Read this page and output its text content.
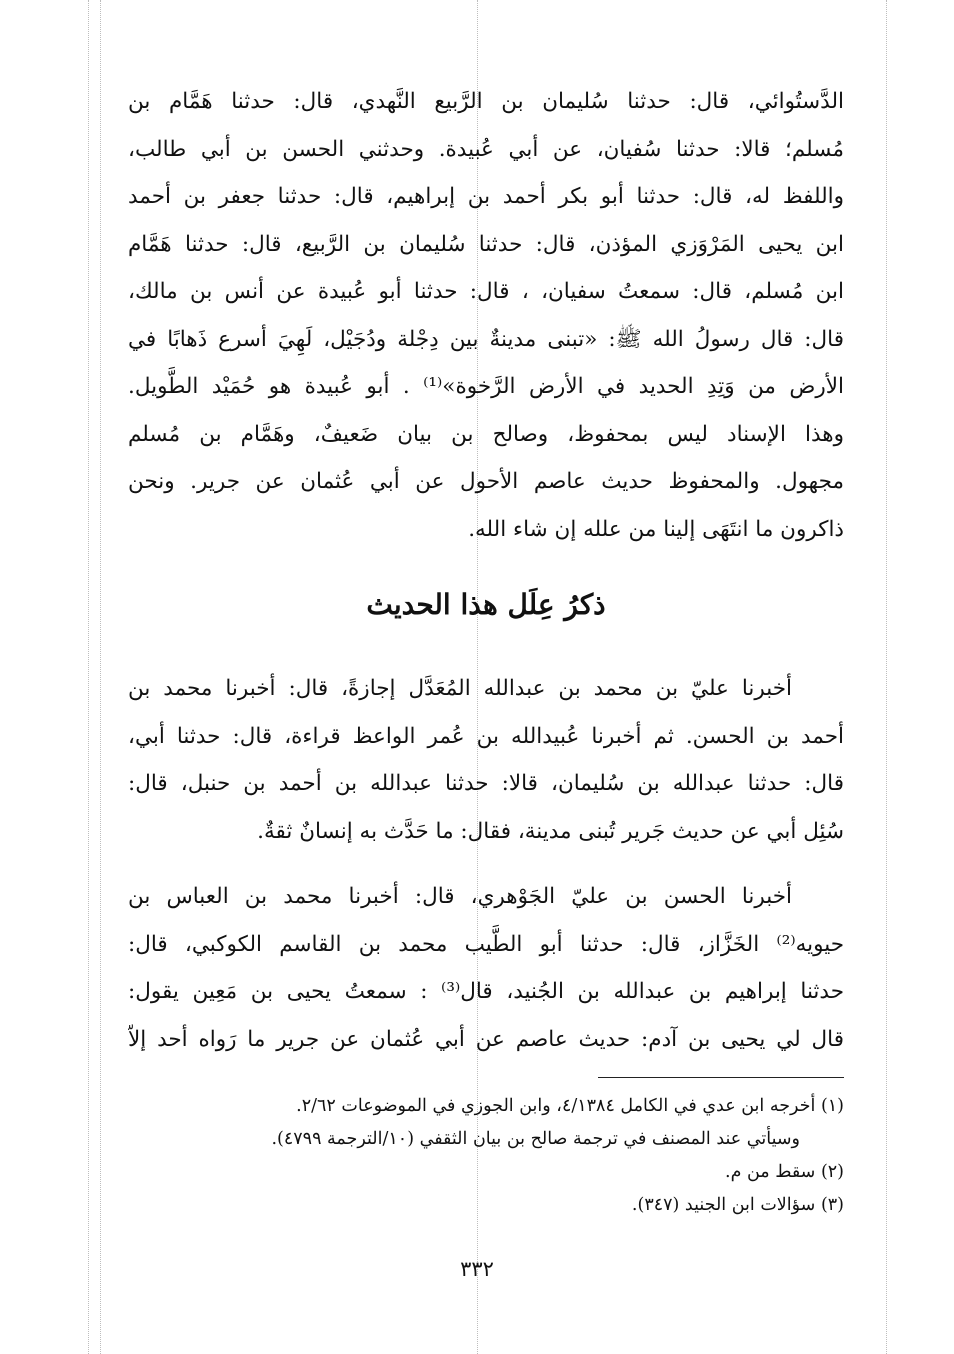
الدَّستُوائي، قال: حدثنا سُليمان بن الرَّبيع النَّهدي، قال: حدثنا هَمَّام بن
مُسلم؛ قالا: حدثنا سُفيان، عن أبي عُبيدة. وحدثني الحسن بن أبي طالب،
واللفظ له، قال: حدثنا أبو بكر أحمد بن إبراهيم، قال: حدثنا جعفر بن أحمد
ابن يحيى المَرْوَزي المؤذن، قال: حدثنا سُليمان بن الرَّبيع، قال: حدثنا هَمَّام
ابن مُسلم، قال: سمعتُ سفيان، ، قال: حدثنا أبو عُبيدة عن أنس بن مالك،
قال: قال رسولُ الله ﷺ: «تبنى مدينةٌ بين دِجْلة ودُجَيْل، لَهِيَ أسرع ذَهابًا في
الأرض من وَتِدِ الحديد في الأرض الرَّخوة»⁽¹⁾ . أبو عُبيدة هو حُمَيْد الطَّويل.
وهذا الإسناد ليس بمحفوظ، وصالح بن بيان ضَعيفٌ، وهَمَّام بن مُسلم
مجهول. والمحفوظ حديث عاصم الأحول عن أبي عُثمان عن جرير. ونحن
ذاكرون ما انتَهَى إلينا من علله إن شاء الله.
ذكرُ عِلَل هذا الحديث
أخبرنا عليّ بن محمد بن عبدالله المُعَدَّل إجازةً، قال: أخبرنا محمد بن
أحمد بن الحسن. ثم أخبرنا عُبيدالله بن عُمر الواعظ قراءة، قال: حدثنا أبي،
قال: حدثنا عبدالله بن سُليمان، قالا: حدثنا عبدالله بن أحمد بن حنبل، قال:
سُئِل أبي عن حديث جَرير تُبنى مدينة، فقال: ما حَدَّث به إنسانٌ ثقةٌ.
أخبرنا الحسن بن عليّ الجَوْهري، قال: أخبرنا محمد بن العباس بن
حيويه⁽²⁾ الخَزَّاز، قال: حدثنا أبو الطَّيب محمد بن القاسم الكوكبي، قال:
حدثنا إبراهيم بن عبدالله بن الجُنيد، قال⁽³⁾ : سمعتُ يحيى بن مَعِين يقول:
قال لي يحيى بن آدم: حديث عاصم عن أبي عُثمان عن جرير ما رَواه أحد إلاّ
(١) أخرجه ابن عدي في الكامل ٤/١٣٨٤، وابن الجوزي في الموضوعات ٢/٦٢.
وسيأتي عند المصنف في ترجمة صالح بن بيان الثقفي (١٠/الترجمة ٤٧٩٩).
(٢) سقط من م.
(٣) سؤالات ابن الجنيد (٣٤٧).
٣٣٢
